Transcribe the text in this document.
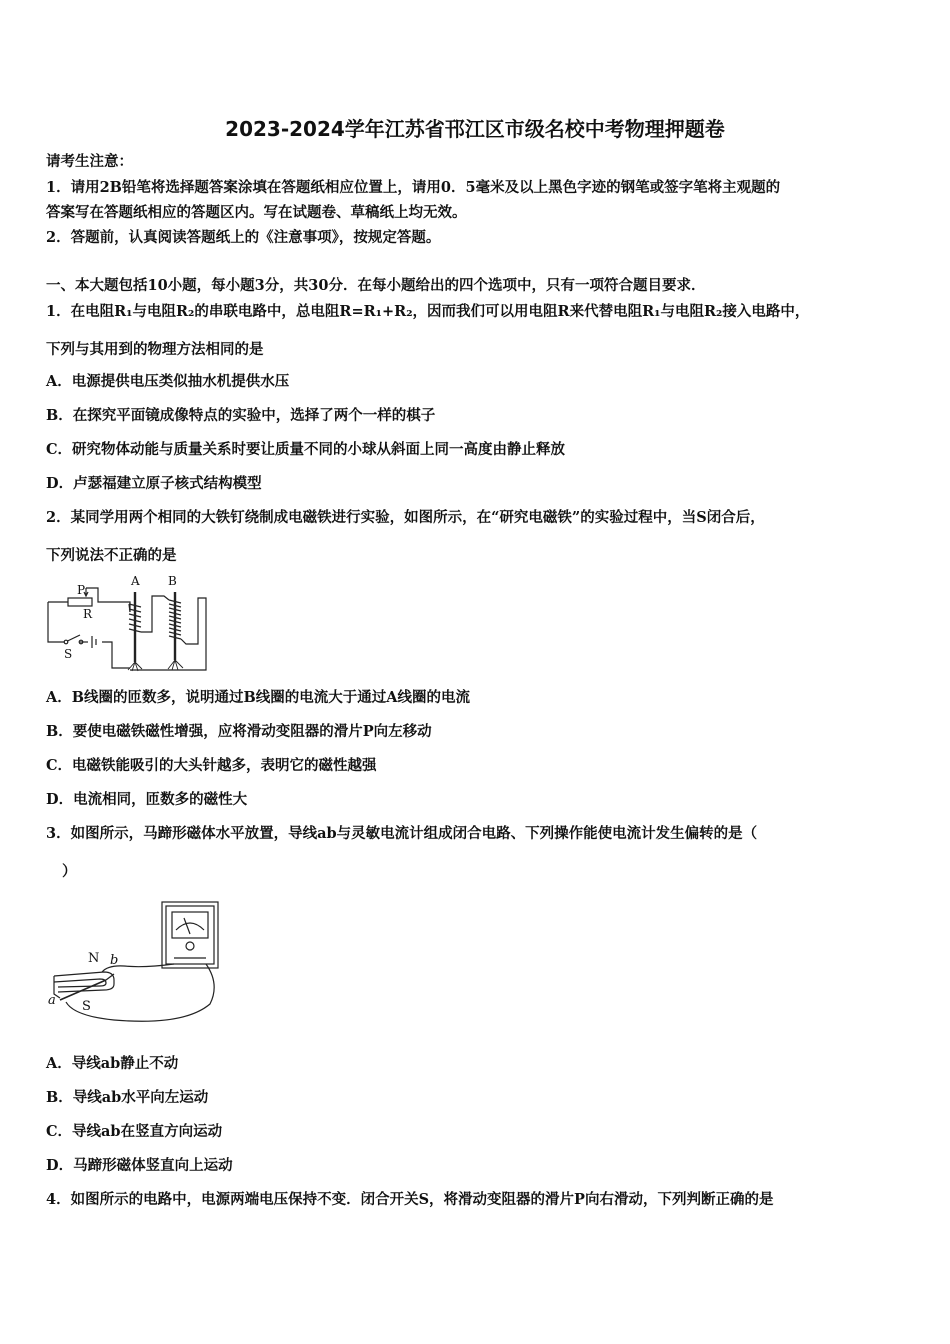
2023-2024学年江苏省邗江区市级名校中考物理押题卷
请考生注意：
1．请用2B铅笔将选择题答案涂填在答题纸相应位置上，请用0．5毫米及以上黑色字迹的钢笔或签字笔将主观题的
答案写在答题纸相应的答题区内。写在试题卷、草稿纸上均无效。
2．答题前，认真阅读答题纸上的《注意事项》，按规定答题。
一、本大题包括10小题，每小题3分，共30分．在每小题给出的四个选项中，只有一项符合题目要求．
1．在电阻R₁与电阻R₂的串联电路中，总电阻R=R₁+R₂，因而我们可以用电阻R来代替电阻R₁与电阻R₂接入电路中，
下列与其用到的物理方法相同的是
A．电源提供电压类似抽水机提供水压
B．在探究平面镜成像特点的实验中，选择了两个一样的棋子
C．研究物体动能与质量关系时要让质量不同的小球从斜面上同一高度由静止释放
D．卢瑟福建立原子核式结构模型
2．某同学用两个相同的大铁钉绕制成电磁铁进行实验，如图所示，在“研究电磁铁”的实验过程中，当S闭合后，
下列说法不正确的是
P
R
A B
S
A．B线圈的匝数多，说明通过B线圈的电流大于通过A线圈的电流
B．要使电磁铁磁性增强，应将滑动变阻器的滑片P向左移动
C．电磁铁能吸引的大头针越多，表明它的磁性越强
D．电流相同，匝数多的磁性大
3．如图所示，马蹄形磁体水平放置，导线ab与灵敏电流计组成闭合电路、下列操作能使电流计发生偏转的是（
）
N b
a S
A．导线ab静止不动
B．导线ab水平向左运动
C．导线ab在竖直方向运动
D．马蹄形磁体竖直向上运动
4．如图所示的电路中，电源两端电压保持不变．闭合开关S，将滑动变阻器的滑片P向右滑动，下列判断正确的是
